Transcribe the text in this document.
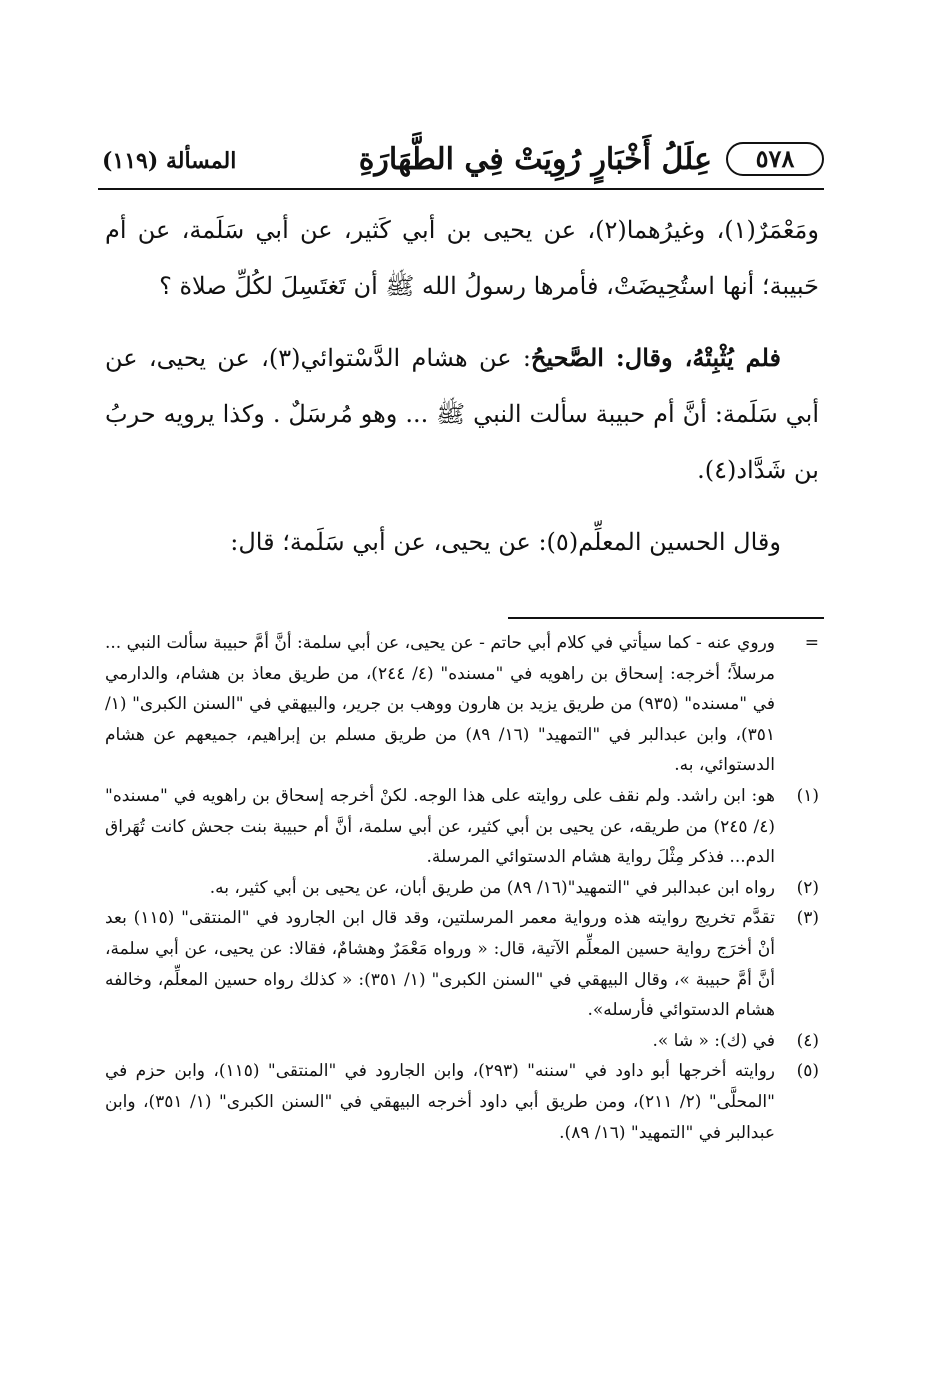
٥٧٨
عِلَلُ أَخْبَارٍ رُوِيَتْ فِي الطَّهَارَةِ
المسألة (١١٩)

ومَعْمَرٌ(١)، وغيرُهما(٢)، عن يحيى بن أبي كَثير، عن أبي سَلَمة، عن أم حَبيبة؛ أنها استُحِيضَتْ، فأمرها رسولُ الله ﷺ أن تَغتَسِلَ لكُلِّ صلاة ؟

فلم يُثْبِتْهُ، وقال: الصَّحيحُ: عن هشام الدَّسْتوائي(٣)، عن يحيى، عن أبي سَلَمة: أنَّ أم حبيبة سألت النبي ﷺ ... وهو مُرسَلٌ . وكذا يرويه حربُ بن شَدَّاد(٤).

وقال الحسين المعلِّم(٥): عن يحيى، عن أبي سَلَمة؛ قال:

=
وروي عنه - كما سيأتي في كلام أبي حاتم - عن يحيى، عن أبي سلمة: أنَّ أمَّ حبيبة سألت النبي ... مرسلاً؛ أخرجه: إسحاق بن راهويه في "مسنده" (٤/ ٢٤٤)، من طريق معاذ بن هشام، والدارمي في "مسنده" (٩٣٥) من طريق يزيد بن هارون ووهب بن جرير، والبيهقي في "السنن الكبرى" (١/ ٣٥١)، وابن عبدالبر في "التمهيد" (١٦/ ٨٩) من طريق مسلم بن إبراهيم، جميعهم عن هشام الدستوائي، به.
(١)
هو: ابن راشد. ولم نقف على روايته على هذا الوجه. لكنْ أخرجه إسحاق بن راهويه في "مسنده" (٤/ ٢٤٥) من طريقه، عن يحيى بن أبي كثير، عن أبي سلمة، أنَّ أم حبيبة بنت جحش كانت تُهَراق الدم... فذكر مِثْلَ رواية هشام الدستوائي المرسلة.
(٢)
رواه ابن عبدالبر في "التمهيد"(١٦/ ٨٩) من طريق أبان، عن يحيى بن أبي كثير، به.
(٣)
تقدَّم تخريج روايته هذه ورواية معمر المرسلتين، وقد قال ابن الجارود في "المنتقى" (١١٥) بعد أنْ أخرَج رواية حسين المعلِّم الآتية، قال: « ورواه مَعْمَرٌ وهشامٌ، فقالا: عن يحيى، عن أبي سلمة، أنَّ أمَّ حبيبة »، وقال البيهقي في "السنن الكبرى" (١/ ٣٥١): « كذلك رواه حسين المعلِّم، وخالفه هشام الدستوائي فأرسله».
(٤)
في (ك): « شا ».
(٥)
روايته أخرجها أبو داود في "سننه" (٢٩٣)، وابن الجارود في "المنتقى" (١١٥)، وابن حزم في "المحلَّى" (٢/ ٢١١)، ومن طريق أبي داود أخرجه البيهقي في "السنن الكبرى" (١/ ٣٥١)، وابن عبدالبر في "التمهيد" (١٦/ ٨٩).
